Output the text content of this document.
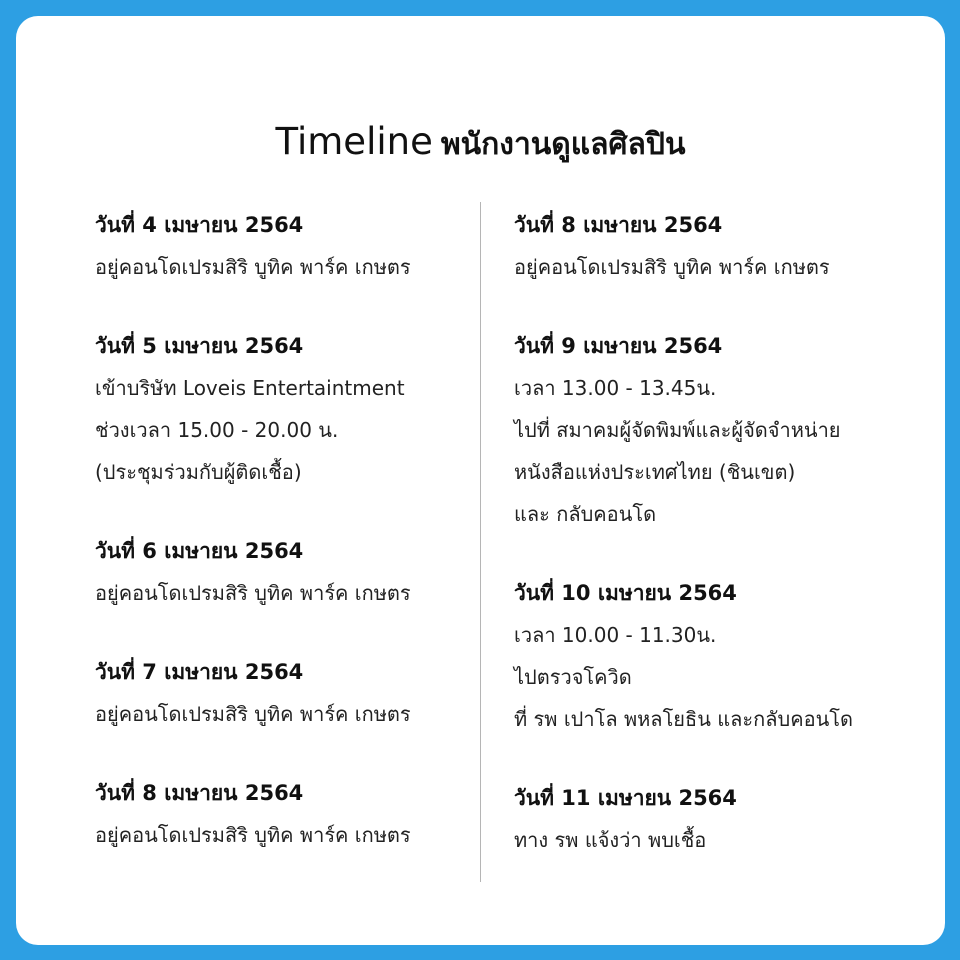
Timeline พนักงานดูแลศิลปิน
วันที่ 4 เมษายน 2564
อยู่คอนโดเปรมสิริ บูทิค พาร์ค เกษตร
วันที่ 5 เมษายน 2564
เข้าบริษัท Loveis Entertaintment
ช่วงเวลา 15.00 - 20.00 น.
(ประชุมร่วมกับผู้ติดเชื้อ)
วันที่ 6 เมษายน 2564
อยู่คอนโดเปรมสิริ บูทิค พาร์ค เกษตร
วันที่ 7 เมษายน 2564
อยู่คอนโดเปรมสิริ บูทิค พาร์ค เกษตร
วันที่ 8 เมษายน 2564
อยู่คอนโดเปรมสิริ บูทิค พาร์ค เกษตร
วันที่ 8 เมษายน 2564
อยู่คอนโดเปรมสิริ บูทิค พาร์ค เกษตร
วันที่ 9 เมษายน 2564
เวลา 13.00 - 13.45น.
ไปที่ สมาคมผู้จัดพิมพ์และผู้จัดจำหน่าย
หนังสือแห่งประเทศไทย (ชินเขต)
และ กลับคอนโด
วันที่ 10 เมษายน 2564
เวลา 10.00 - 11.30น.
ไปตรวจโควิด
ที่ รพ เปาโล พหลโยธิน และกลับคอนโด
วันที่ 11 เมษายน 2564
ทาง รพ แจ้งว่า พบเชื้อ
